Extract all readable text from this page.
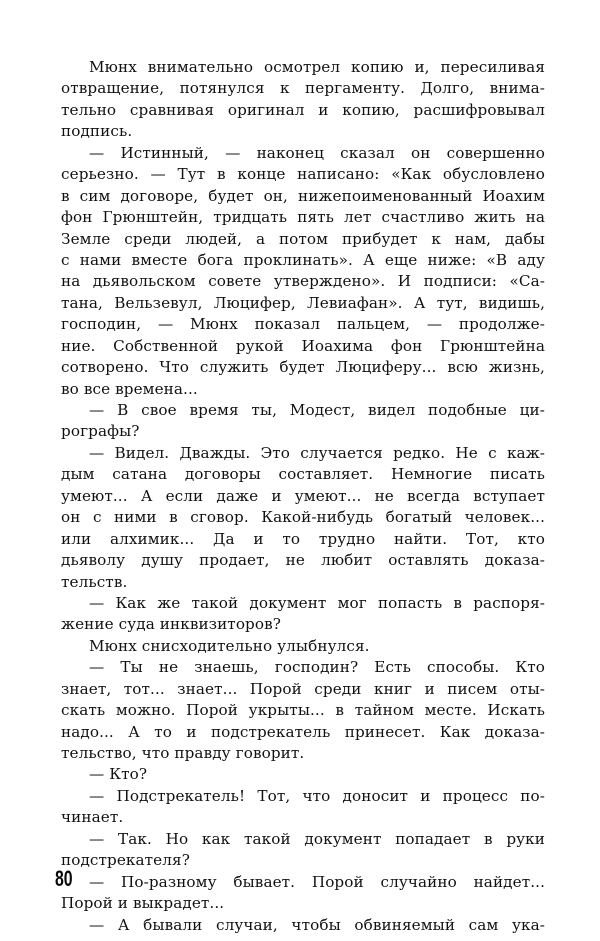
Мюнх внимательно осмотрел копию и, пересиливая
отвращение, потянулся к пергаменту. Долго, внима-
тельно сравнивая оригинал и копию, расшифровывал
подпись.
— Истинный, — наконец сказал он совершенно
серьезно. — Тут в конце написано: «Как обусловлено
в сим договоре, будет он, нижепоименованный Иоахим
фон Грюнштейн, тридцать пять лет счастливо жить на
Земле среди людей, а потом прибудет к нам, дабы
с нами вместе бога проклинать». А еще ниже: «В аду
на дьявольском совете утверждено». И подписи: «Са-
тана, Вельзевул, Люцифер, Левиафан». А тут, видишь,
господин, — Мюнх показал пальцем, — продолже-
ние. Собственной рукой Иоахима фон Грюнштейна
сотворено. Что служить будет Люциферу... всю жизнь,
во все времена...
— В свое время ты, Модест, видел подобные ци-
рографы?
— Видел. Дважды. Это случается редко. Не с каж-
дым сатана договоры составляет. Немногие писать
умеют... А если даже и умеют... не всегда вступает
он с ними в сговор. Какой-нибудь богатый человек...
или алхимик... Да и то трудно найти. Тот, кто
дьяволу душу продает, не любит оставлять доказа-
тельств.
— Как же такой документ мог попасть в распоря-
жение суда инквизиторов?
Мюнх снисходительно улыбнулся.
— Ты не знаешь, господин? Есть способы. Кто
знает, тот... знает... Порой среди книг и писем оты-
скать можно. Порой укрыты... в тайном месте. Искать
надо... А то и подстрекатель принесет. Как доказа-
тельство, что правду говорит.
— Кто?
— Подстрекатель! Тот, что доносит и процесс по-
чинает.
— Так. Но как такой документ попадает в руки
подстрекателя?
— По-разному бывает. Порой случайно найдет...
Порой и выкрадет...
— А бывали случаи, чтобы обвиняемый сам ука-
80
